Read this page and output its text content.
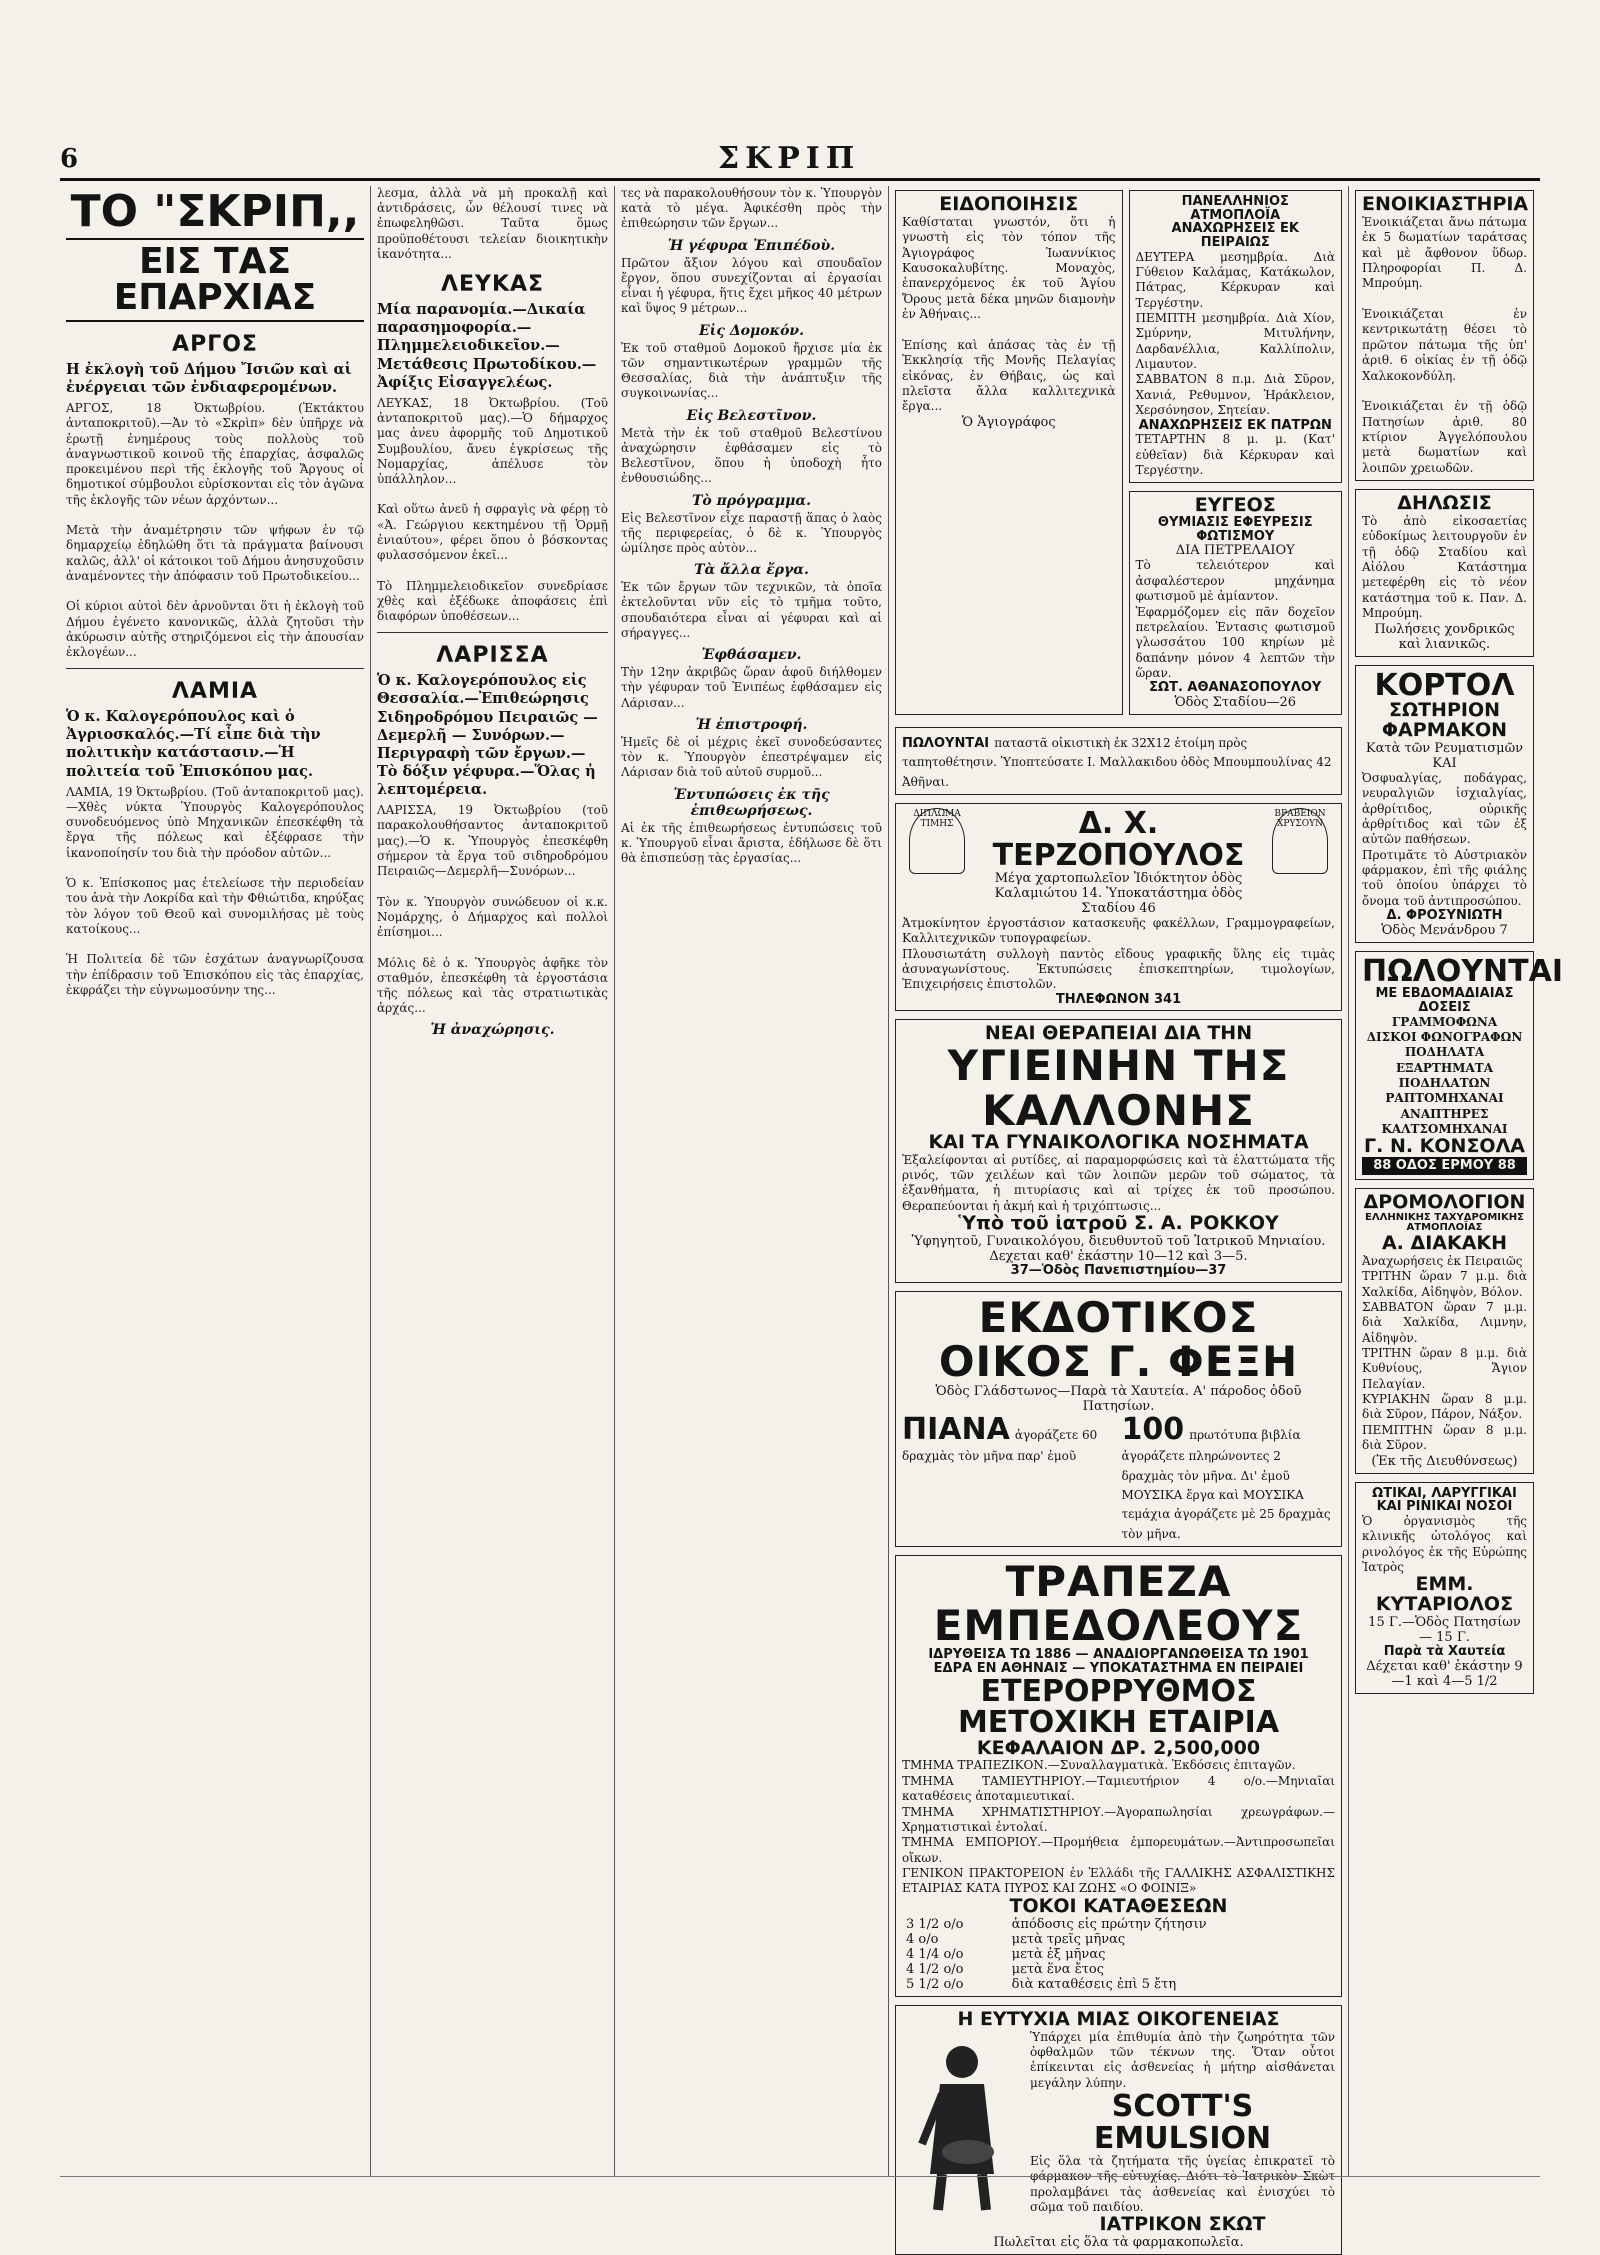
6	ΣΚΡΙΠ
ΤΟ "ΣΚΡΙΠ,,
ΕΙΣ ΤΑΣ ΕΠΑΡΧΙΑΣ
ΑΡΓΟΣ
Η ἐκλογὴ τοῦ Δήμου Ἴσιῶν καὶ αἱ ἐνέργειαι τῶν ἐνδιαφερομένων.

ΑΡΓΟΣ, 18 Ὀκτωβρίου. (Ἐκτάκτου ἀνταποκριτοῦ).—Ἀν τὸ «Σκρὶπ» δὲν ὑπῆρχε νὰ ἐρωτῇ ἐνημέρους τοὺς πολλοὺς τοῦ ἀναγνωστικοῦ κοινοῦ τῆς ἐπαρχίας, ἀσφαλῶς προκειμένου περὶ τῆς ἐκλογῆς τοῦ Ἄργους οἱ δημοτικοί σύμβουλοι εὐρίσκονται εἰς τὸν ἀγῶνα τῆς ἐκλογῆς τῶν νέων ἀρχόντων...

Μετὰ τὴν ἀναμέτρησιν τῶν ψήφων ἐν τῷ δημαρχείῳ ἐδηλώθη ὅτι τὰ πράγματα βαίνουσι καλῶς, ἀλλ' οἱ κάτοικοι τοῦ Δήμου ἀνησυχοῦσιν ἀναμένοντες τὴν ἀπόφασιν τοῦ Πρωτοδικείου...

Οἱ κύριοι αὐτοὶ δὲν ἀρνοῦνται ὅτι ἡ ἐκλογὴ τοῦ Δήμου ἐγένετο κανονικῶς, ἀλλὰ ζητοῦσι τὴν ἀκύρωσιν αὐτῆς στηριζόμενοι εἰς τὴν ἀπουσίαν ἐκλογέων...

ΛΑΜΙΑ
Ὁ κ. Καλογερόπουλος καὶ ὁ Ἀγριοσκαλός.—Τί εἶπε διὰ τὴν πολιτικὴν κατάστασιν.—Ἡ πολιτεία τοῦ Ἐπισκόπου μας.

ΛΑΜΙΑ, 19 Ὀκτωβρίου. (Τοῦ ἀνταποκριτοῦ μας).—Χθὲς νύκτα Ὑπουργὸς Καλογερόπουλος συνοδευόμενος ὑπὸ Μηχανικῶν ἐπεσκέφθη τὰ ἔργα τῆς πόλεως καὶ ἐξέφρασε τὴν ἱκανοποίησίν του διὰ τὴν πρόοδον αὐτῶν...

Ὁ κ. Ἐπίσκοπος μας ἐτελείωσε τὴν περιοδείαν του ἀνὰ τὴν Λοκρίδα καὶ τὴν Φθιώτιδα, κηρύξας τὸν λόγον τοῦ Θεοῦ καὶ συνομιλήσας μὲ τοὺς κατοίκους...

Ἡ Πολιτεία δὲ τῶν ἐσχάτων ἀναγνωρίζουσα τὴν ἐπίδρασιν τοῦ Ἐπισκόπου εἰς τὰς ἐπαρχίας, ἐκφράζει τὴν εὐγνωμοσύνην της...

λεσμα, ἀλλὰ νὰ μὴ προκαλῇ καὶ ἀντιδράσεις, ὧν θέλουσί τινες νὰ ἐπωφεληθῶσι. Ταῦτα ὅμως προϋποθέτουσι τελείαν διοικητικὴν ἱκανότητα...

ΛΕΥΚΑΣ
Μία παρανομία.—Δικαία παρασημοφορία.—Πλημμελειοδικεῖον.—Μετάθεσις Πρωτοδίκου.—Ἀφίξις Εἰσαγγελέως.

ΛΕΥΚΑΣ, 18 Ὀκτωβρίου. (Τοῦ ἀνταποκριτοῦ μας).—Ὁ δήμαρχος μας ἀνευ ἀφορμῆς τοῦ Δημοτικοῦ Συμβουλίου, ἄνευ ἐγκρίσεως τῆς Νομαρχίας, ἀπέλυσε τὸν ὑπάλληλον...

Καὶ οὕτω ἀνεῦ ἡ σφραγὶς νὰ φέρῃ τὸ «Ἀ. Γεώργιου κεκτημένου τῇ Ὁρμῇ ἐνιαύτου», φέρει ὅπου ὁ βόσκοντας φυλασσόμενον ἐκεῖ...

Τὸ Πλημμελειοδικεῖον συνεδρίασε χθὲς καὶ ἐξέδωκε ἀποφάσεις ἐπὶ διαφόρων ὑποθέσεων...

ΛΑΡΙΣΣΑ
Ὁ κ. Καλογερόπουλος εἰς Θεσσαλία.—Ἐπιθεώρησις Σιδηροδρόμου Πειραιῶς — Δεμερλῆ — Συνόρων.— Περιγραφὴ τῶν ἔργων.— Τὸ δόξιν γέφυρα.—Ὅλας ἡ λεπτομέρεια.

ΛΑΡΙΣΣΑ, 19 Ὀκτωβρίου (τοῦ παρακολουθήσαντος ἀνταποκριτοῦ μας).—Ὁ κ. Ὑπουργὸς ἐπεσκέφθη σήμερον τὰ ἔργα τοῦ σιδηροδρόμου Πειραιῶς—Δεμερλῆ—Συνόρων...

Τὸν κ. Ὑπουργὸν συνώδευον οἱ κ.κ. Νομάρχης, ὁ Δήμαρχος καὶ πολλοὶ ἐπίσημοι...

Μόλις δὲ ὁ κ. Ὑπουργὸς ἀφῆκε τὸν σταθμόν, ἐπεσκέφθη τὰ ἐργοστάσια τῆς πόλεως καὶ τὰς στρατιωτικὰς ἀρχάς...

Ἡ ἀναχώρησις.

τες νὰ παρακολουθήσουν τὸν κ. Ὑπουργὸν κατὰ τὸ μέγα. Ἀφικέσθη πρὸς τὴν ἐπιθεώρησιν τῶν ἔργων...

Ἡ γέφυρα Ἐπιπέδοὺ.

Πρῶτον ἄξιον λόγου καὶ σπουδαῖον ἔργον, ὅπου συνεχίζονται αἱ ἐργασίαι εἶναι ἡ γέφυρα, ἥτις ἔχει μῆκος 40 μέτρων καὶ ὕψος 9 μέτρων...

Εἰς Δομοκόν.

Ἐκ τοῦ σταθμοῦ Δομοκοῦ ἤρχισε μία ἐκ τῶν σημαντικωτέρων γραμμῶν τῆς Θεσσαλίας, διὰ τὴν ἀνάπτυξιν τῆς συγκοινωνίας...

Εἰς Βελεστῖνον.

Μετὰ τὴν ἐκ τοῦ σταθμοῦ Βελεστίνου ἀναχώρησιν ἐφθάσαμεν εἰς τὸ Βελεστῖνον, ὅπου ἡ ὑποδοχὴ ἦτο ἐνθουσιώδης...

Τὸ πρόγραμμα.

Εἰς Βελεστῖνον εἶχε παραστῇ ἅπας ὁ λαὸς τῆς περιφερείας, ὁ δὲ κ. Ὑπουργὸς ὡμίλησε πρὸς αὐτὸν...

Τὰ ἄλλα ἔργα.

Ἐκ τῶν ἔργων τῶν τεχνικῶν, τὰ ὁποῖα ἐκτελοῦνται νῦν εἰς τὸ τμῆμα τοῦτο, σπουδαιότερα εἶναι αἱ γέφυραι καὶ αἱ σήραγγες...

Ἐφθάσαμεν.

Τὴν 12ην ἀκριβῶς ὥραν ἀφοῦ διήλθομεν τὴν γέφυραν τοῦ Ἐνιπέως ἐφθάσαμεν εἰς Λάρισαν...

Ἡ ἐπιστροφή.

Ἡμεῖς δὲ οἱ μέχρις ἐκεῖ συνοδεύσαντες τὸν κ. Ὑπουργὸν ἐπεστρέψαμεν εἰς Λάρισαν διὰ τοῦ αὐτοῦ συρμοῦ...

Ἐντυπώσεις ἐκ τῆς ἐπιθεωρήσεως.

Αἱ ἐκ τῆς ἐπιθεωρήσεως ἐντυπώσεις τοῦ κ. Ὑπουργοῦ εἶναι ἄριστα, ἐδήλωσε δὲ ὅτι θὰ ἐπισπεύσῃ τὰς ἐργασίας...

ΕΙΔΟΠΟΙΗΣΙΣ

Καθίσταται γνωστόν, ὅτι ἡ γνωστὴ εἰς τὸν τόπον τῆς Ἁγιογράφος Ἰωαννίκιος Καυσοκαλυβίτης. Μοναχὸς, ἐπανερχόμενος ἐκ τοῦ Ἁγίου Ὄρους μετὰ δέκα μηνῶν διαμονὴν ἐν Ἀθήναις...

Ἐπίσης καὶ ἁπάσας τὰς ἐν τῇ Ἐκκλησίᾳ τῆς Μονῆς Πελαγίας εἰκόνας, ἐν Θήβαις, ὡς καὶ πλεῖστα ἄλλα καλλιτεχνικὰ ἔργα...

Ὁ Ἁγιογράφος
ΠΑΝΕΛΛΗΝΙΟΣ ΑΤΜΟΠΛΟΪΑ
ΑΝΑΧΩΡΗΣΕΙΣ ΕΚ ΠΕΙΡΑΙΩΣ

ΔΕΥΤΕΡΑ μεσημβρία. Διὰ Γύθειον Καλάμας, Κατάκωλον, Πάτρας, Κέρκυραν καὶ Τεργέστην.
ΠΕΜΠΤΗ μεσημβρία. Διὰ Χίον, Σμύρνην, Μιτυλήνην, Δαρδανέλλια, Καλλίπολιν, Λιμαυτον.
ΣΑΒΒΑΤΟΝ 8 π.μ. Διὰ Σῦρον, Χανιά, Ρεθυμνον, Ἡράκλειον, Χερσόνησον, Σητείαν.

ΑΝΑΧΩΡΗΣΕΙΣ ΕΚ ΠΑΤΡΩΝ

ΤΕΤΑΡΤΗΝ 8 μ. μ. (Κατ' εὐθεῖαν) διὰ Κέρκυραν καὶ Τεργέστην.

ΕΥΓΕΟΣ
ΘΥΜΙΑΣΙΣ ΕΦΕΥΡΕΣΙΣ ΦΩΤΙΣΜΟΥ
ΔΙΑ ΠΕΤΡΕΛΑΙΟΥ

Τὸ τελειότερον καὶ ἀσφαλέστερον μηχάνημα φωτισμοῦ μὲ ἀμίαντον.
Ἐφαρμόζομεν εἰς πᾶν δοχεῖον πετρελαίου. Ἐντασις φωτισμοῦ γλωσσάτου 100 κηρίων μὲ δαπάνην μόνον 4 λεπτῶν τὴν ὥραν.

ΣΩΤ. ΑΘΑΝΑΣΟΠΟΥΛΟΥ
Ὁδὸς Σταδίου—26
ΠΩΛΟΥΝΤΑΙ παταστᾶ οἰκιστικὴ ἐκ 32Χ12 ἑτοίμη πρὸς ταπητοθέτησιν. Ὑποπτεύσατε Ι. Μαλλακιδου ὁδὸς Μπουμπουλίνας 42 Ἀθῆναι.
ΔΙΠΛΩΜΑ ΤΙΜΗΣ	Δ. Χ. ΤΕΡΖΟΠΟΥΛΟΣ
Μέγα χαρτοπωλεῖον Ἰδιόκτητον ὁδὸς Καλαμιώτου 14. Ὑποκατάστημα ὁδὸς Σταδίου 46
ΒΡΑΒΕΙΟΝ ΧΡΥΣΟΥΝ

Ἀτμοκίνητον ἐργοστάσιον κατασκευῆς φακέλλων, Γραμμογραφείων, Καλλιτεχνικῶν τυπογραφείων.
Πλουσιωτάτη συλλογὴ παντὸς εἴδους γραφικῆς ὕλης εἰς τιμὰς ἀσυναγωνίστους. Ἐκτυπώσεις ἐπισκεπτηρίων, τιμολογίων, Ἐπιχειρήσεις ἐπιστολῶν.

ΤΗΛΕΦΩΝΟΝ 341
ΝΕΑΙ ΘΕΡΑΠΕΙΑΙ ΔΙΑ ΤΗΝ
ΥΓΙΕΙΝΗΝ ΤΗΣ ΚΑΛΛΟΝΗΣ
ΚΑΙ ΤΑ ΓΥΝΑΙΚΟΛΟΓΙΚΑ ΝΟΣΗΜΑΤΑ

Ἐξαλείφονται αἱ ρυτίδες, αἱ παραμορφώσεις καὶ τὰ ἐλαττώματα τῆς ρινός, τῶν χειλέων καὶ τῶν λοιπῶν μερῶν τοῦ σώματος, τὰ ἐξανθήματα, ἡ πιτυρίασις καὶ αἱ τρίχες ἐκ τοῦ προσώπου. Θεραπεύονται ἡ ἀκμή καὶ ἡ τριχόπτωσις...

Ὑπὸ τοῦ ἰατροῦ Σ. Α. ΡΟΚΚΟΥ
Ὑφηγητοῦ, Γυναικολόγου, διευθυντοῦ τοῦ Ἰατρικοῦ Μηνιαίου. Δεχεται καθ' ἑκάστην 10—12 καὶ 3—5.
37—Ὁδὸς Πανεπιστημίου—37
ΕΚΔΟΤΙΚΟΣ ΟΙΚΟΣ Γ. ΦΕΞΗ
Ὁδὸς Γλάδστωνος—Παρὰ τὰ Χαυτεία. Α' πάροδος ὁδοῦ Πατησίων.
ΠΙΑΝΑ ἀγοράζετε 60 δραχμὰς τὸν μῆνα παρ' ἐμοῦ
100 πρωτότυπα βιβλία ἀγοράζετε πληρώνοντες 2 δραχμὰς τὸν μῆνα. Δι' ἐμοῦ ΜΟΥΣΙΚΑ ἔργα καὶ ΜΟΥΣΙΚΑ τεμάχια ἀγοράζετε μὲ 25 δραχμὰς τὸν μῆνα.
ΤΡΑΠΕΖΑ ΕΜΠΕΔΟΛΕΟΥΣ
ΙΔΡΥΘΕΙΣΑ ΤΩ 1886 — ΑΝΑΔΙΟΡΓΑΝΩΘΕΙΣΑ ΤΩ 1901
ΕΔΡΑ ΕΝ ΑΘΗΝΑΙΣ — ΥΠΟΚΑΤΑΣΤΗΜΑ ΕΝ ΠΕΙΡΑΙΕΙ
ΕΤΕΡΟΡΡΥΘΜΟΣ ΜΕΤΟΧΙΚΗ ΕΤΑΙΡΙΑ
ΚΕΦΑΛΑΙΟΝ ΔΡ. 2,500,000

ΤΜΗΜΑ ΤΡΑΠΕΖΙΚΟΝ.—Συναλλαγματικὰ. Ἐκδόσεις ἐπιταγῶν.
ΤΜΗΜΑ ΤΑΜΙΕΥΤΗΡΙΟΥ.—Ταμιευτήριον 4 ο/ο.—Μηνιαῖαι καταθέσεις ἀποταμιευτικαί.
ΤΜΗΜΑ ΧΡΗΜΑΤΙΣΤΗΡΙΟΥ.—Ἀγοραπωλησίαι χρεωγράφων.—Χρηματιστικαὶ ἐντολαί.
ΤΜΗΜΑ ΕΜΠΟΡΙΟΥ.—Προμήθεια ἐμπορευμάτων.—Ἀντιπροσωπεῖαι οἴκων.
ΓΕΝΙΚΟΝ ΠΡΑΚΤΟΡΕΙΟΝ ἐν Ἑλλάδι τῆς ΓΑΛΛΙΚΗΣ ΑΣΦΑΛΙΣΤΙΚΗΣ ΕΤΑΙΡΙΑΣ ΚΑΤΑ ΠΥΡΟΣ ΚΑΙ ΖΩΗΣ «Ο ΦΟΙΝΙΞ»

ΤΟΚΟΙ ΚΑΤΑΘΕΣΕΩΝ
3 1/2 ο/ο	ἀπόδοσις εἰς πρώτην ζήτησιν
4 ο/ο	μετὰ τρεῖς μῆνας
4 1/4 ο/ο	μετὰ ἐξ μῆνας
4 1/2 ο/ο	μετὰ ἕνα ἔτος
5 1/2 ο/ο	διὰ καταθέσεις ἐπὶ 5 ἔτη
Η ΕΥΤΥΧΙΑ ΜΙΑΣ ΟΙΚΟΓΕΝΕΙΑΣ

Ὑπάρχει μία ἐπιθυμία ἀπὸ τὴν ζωηρότητα τῶν ὀφθαλμῶν τῶν τέκνων της. Ὅταν οὗτοι ἐπίκεινται εἰς ἀσθενείας ἡ μήτηρ αἰσθάνεται μεγάλην λύπην.

SCOTT'S EMULSION

Εἰς ὅλα τὰ ζητήματα τῆς ὑγείας ἐπικρατεῖ τὸ φάρμακον τῆς εὐτυχίας. Διότι τὸ Ἰατρικὸν Σκὼτ προλαμβάνει τὰς ἀσθενείας καὶ ἐνισχύει τὸ σῶμα τοῦ παιδίου.

ΙΑΤΡΙΚΟΝ ΣΚΩΤ
Πωλεῖται εἰς ὅλα τὰ φαρμακοπωλεῖα.
ΕΝΟΙΚΙΑΣΤΗΡΙΑ

Ἐνοικιάζεται ἄνω πάτωμα ἐκ 5 δωματίων ταράτσας καὶ μὲ ἄφθονον ὕδωρ. Πληροφορίαι Π. Δ. Μπρούμη.

Ἐνοικιάζεται ἐν κεντρικωτάτῃ θέσει τὸ πρῶτον πάτωμα τῆς ὑπ' ἀριθ. 6 οἰκίας ἐν τῇ ὁδῷ Χαλκοκονδύλη.

Ἐνοικιάζεται ἐν τῇ ὁδῷ Πατησίων ἀριθ. 80 κτίριον Ἀγγελόπουλου μετὰ δωματίων καὶ λοιπῶν χρειωδῶν.

ΔΗΛΩΣΙΣ

Τὸ ἀπὸ εἰκοσαετίας εὐδοκίμως λειτουργοῦν ἐν τῇ ὁδῷ Σταδίου καὶ Αἰόλου Κατάστημα μετεφέρθη εἰς τὸ νέον κατάστημα τοῦ κ. Παν. Δ. Μπρούμη.

Πωλήσεις χονδρικῶς καὶ λιανικῶς.
ΚΟΡΤΟΛ
ΣΩΤΗΡΙΟΝ ΦΑΡΜΑΚΟΝ
Κατὰ τῶν Ρευματισμῶν ΚΑΙ

Ὀσφυαλγίας, ποδάγρας, νευραλγιῶν ἰσχιαλγίας, ἀρθρίτιδος, οὐρικῆς ἀρθρίτιδος καὶ τῶν ἐξ αὐτῶν παθήσεων.
Προτιμᾶτε τὸ Αὐστριακὸν φάρμακον, ἐπὶ τῆς φιάλης τοῦ ὁποίου ὑπάρχει τὸ ὄνομα τοῦ ἀντιπροσώπου.

Δ. ΦΡΟΣΥΝΙΩΤΗ
Ὁδὸς Μενάνδρου 7
ΠΩΛΟΥΝΤΑΙ
ΜΕ ΕΒΔΟΜΑΔΙΑΙΑΣ ΔΟΣΕΙΣ

ΓΡΑΜΜΟΦΩΝΑ
ΔΙΣΚΟΙ ΦΩΝΟΓΡΑΦΩΝ
ΠΟΔΗΛΑΤΑ
ΕΞΑΡΤΗΜΑΤΑ ΠΟΔΗΛΑΤΩΝ
ΡΑΠΤΟΜΗΧΑΝΑΙ
ΑΝΑΠΤΗΡΕΣ
ΚΑΛΤΣΟΜΗΧΑΝΑΙ

Γ. Ν. ΚΟΝΣΟΛΑ
88 ΟΔΟΣ ΕΡΜΟΥ 88
ΔΡΟΜΟΛΟΓΙΟΝ
ΕΛΛΗΝΙΚΗΣ ΤΑΧΥΔΡΟΜΙΚΗΣ ΑΤΜΟΠΛΟΪΑΣ
Α. ΔΙΑΚΑΚΗ

Ἀναχωρήσεις ἐκ Πειραιῶς
ΤΡΙΤΗΝ ὥραν 7 μ.μ. διὰ Χαλκίδα, Αἰδηψὸν, Βόλον.
ΣΑΒΒΑΤΟΝ ὥραν 7 μ.μ. διὰ Χαλκίδα, Λιμνην, Αἰδηψὸν.
ΤΡΙΤΗΝ ὥραν 8 μ.μ. διὰ Κυθνίους, Ἄγιον Πελαγίαν.
ΚΥΡΙΑΚΗΝ ὥραν 8 μ.μ. διὰ Σῦρον, Πάρον, Νάξον.
ΠΕΜΠΤΗΝ ὥραν 8 μ.μ. διὰ Σῦρον.

(Ἐκ τῆς Διευθύνσεως)
ΩΤΙΚΑΙ, ΛΑΡΥΓΓΙΚΑΙ ΚΑΙ ΡΙΝΙΚΑΙ ΝΟΣΟΙ

Ὁ ὀργανισμὸς τῆς κλινικῆς ὠτολόγος καὶ ρινολόγος ἐκ τῆς Εὐρώπης Ἰατρὸς

ΕΜΜ. ΚΥΤΑΡΙΟΛΟΣ
15 Γ.—Ὁδὸς Πατησίων — 15 Γ.
Παρὰ τὰ Χαυτεία
Δέχεται καθ' ἑκάστην 9—1 καὶ 4—5 1/2
